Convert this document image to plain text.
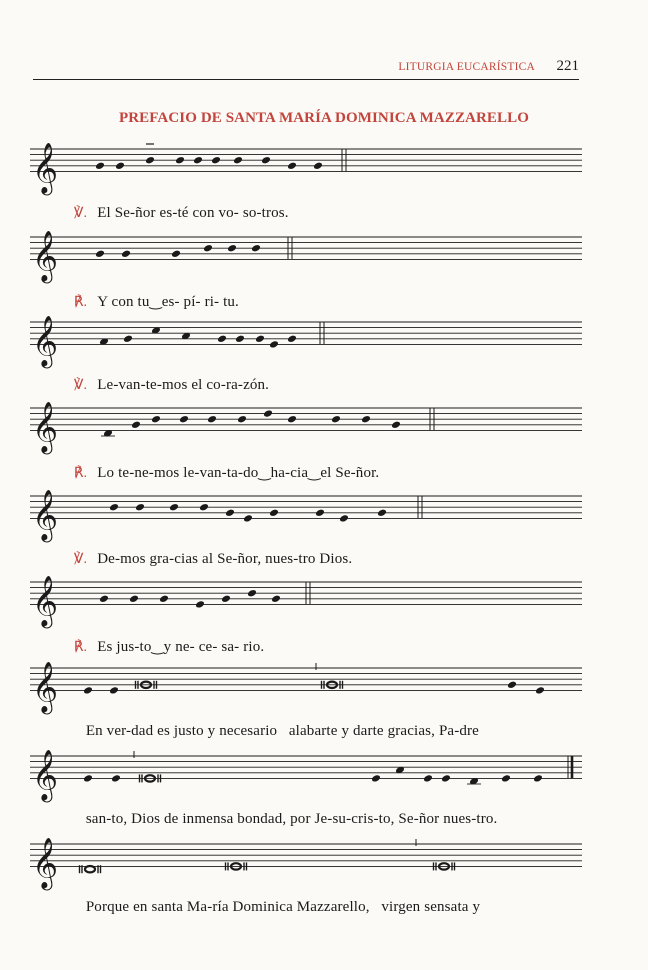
LITURGIA EUCARÍSTICA 221
PREFACIO DE SANTA MARÍA DOMINICA MAZZARELLO
𝄞

℣. El Se-ñor es-té con vo- so-tros.

𝄞

℟. Y con tu‿es- pí- ri- tu.

𝄞

℣. Le-van-te-mos el co-ra-zón.

𝄞

℟. Lo te-ne-mos le-van-ta-do‿ha-cia‿el Se-ñor.

𝄞

℣. De-mos gra-cias al Se-ñor, nues-tro Dios.

𝄞

℟. Es jus-to‿y ne- ce- sa- rio.

𝄞

En ver-dad es justo y necesario   alabarte y darte gracias, Pa-dre

𝄞

san-to, Dios de inmensa bondad, por Je-su-cris-to, Se-ñor nues-tro.

𝄞

Porque en santa Ma-ría Dominica Mazzarello,   virgen sensata y
